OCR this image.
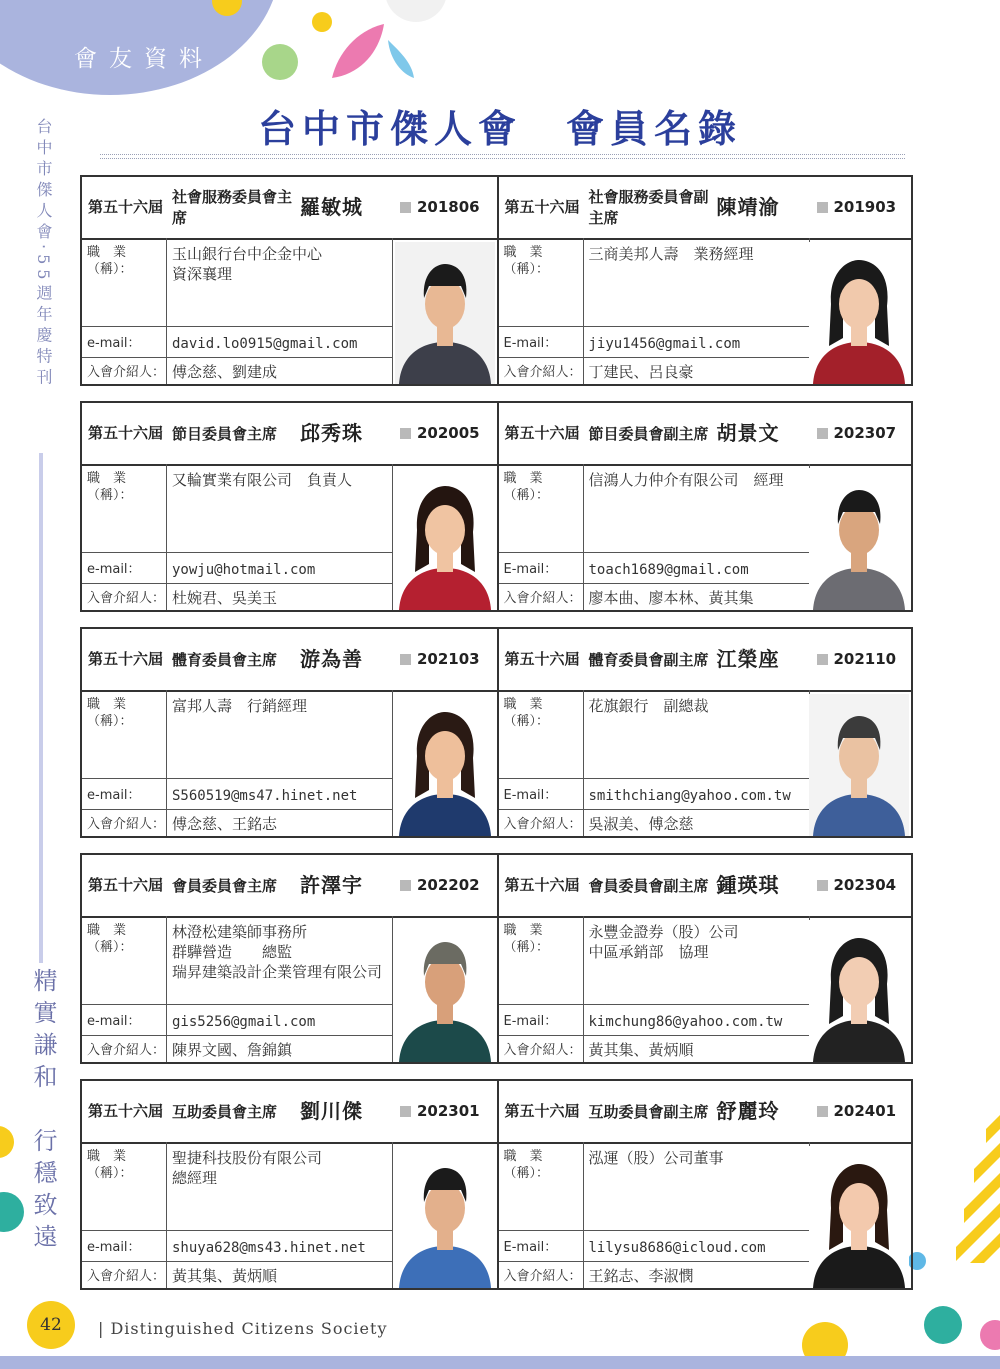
會友資料
台中市傑人會‧55週年慶特刊
精實謙和　行穩致遠
台中市傑人會　會員名錄
第五十六屆
社會服務委員會主席	羅敏城	201806
職　業
（稱）：
玉山銀行台中企金中心
資深襄理
e-mail：	david.lo0915@gmail.com
入會介紹人： 傅念慈、劉建成
第五十六屆
社會服務委員會副主席	陳靖渝	201903
職　業
（稱）：
三商美邦人壽　業務經理
E-mail：	jiyu1456@gmail.com
入會介紹人： 丁建民、呂良豪
第五十六屆 節目委員會主席	邱秀珠	202005
職　業
（稱）：
又輪實業有限公司　負責人
e-mail：	yowju@hotmail.com
入會介紹人： 杜婉君、吳美玉
第五十六屆 節目委員會副主席 胡景文	202307
職　業
（稱）：
信鴻人力仲介有限公司　經理
E-mail：	toach1689@gmail.com
入會介紹人： 廖本曲、廖本林、黃其集
第五十六屆 體育委員會主席	游為善	202103
職　業
（稱）：
富邦人壽　行銷經理
e-mail：	S560519@ms47.hinet.net
入會介紹人： 傅念慈、王銘志
第五十六屆 體育委員會副主席 江榮座	202110
職　業
（稱）：
花旗銀行　副總裁
E-mail：	smithchiang@yahoo.com.tw
入會介紹人： 吳淑美、傅念慈
第五十六屆 會員委員會主席	許澤宇	202202
職　業
（稱）：
林澄松建築師事務所
群驊營造　　總監
瑞昇建築設計企業管理有限公司
e-mail：	gis5256@gmail.com
入會介紹人： 陳界文國、詹錦鎮
第五十六屆 會員委員會副主席 鍾瑛琪	202304
職　業
（稱）：
永豐金證券（股）公司
中區承銷部　協理
E-mail：	kimchung86@yahoo.com.tw
入會介紹人： 黃其集、黃炳順
第五十六屆 互助委員會主席	劉川傑	202301
職　業
（稱）：
聖捷科技股份有限公司
總經理
e-mail：	shuya628@ms43.hinet.net
入會介紹人： 黃其集、黃炳順
第五十六屆 互助委員會副主席 舒麗玲	202401
職　業
（稱）：
泓運（股）公司董事
E-mail：	lilysu8686@icloud.com
入會介紹人： 王銘志、李淑憫
42	| Distinguished Citizens Society
